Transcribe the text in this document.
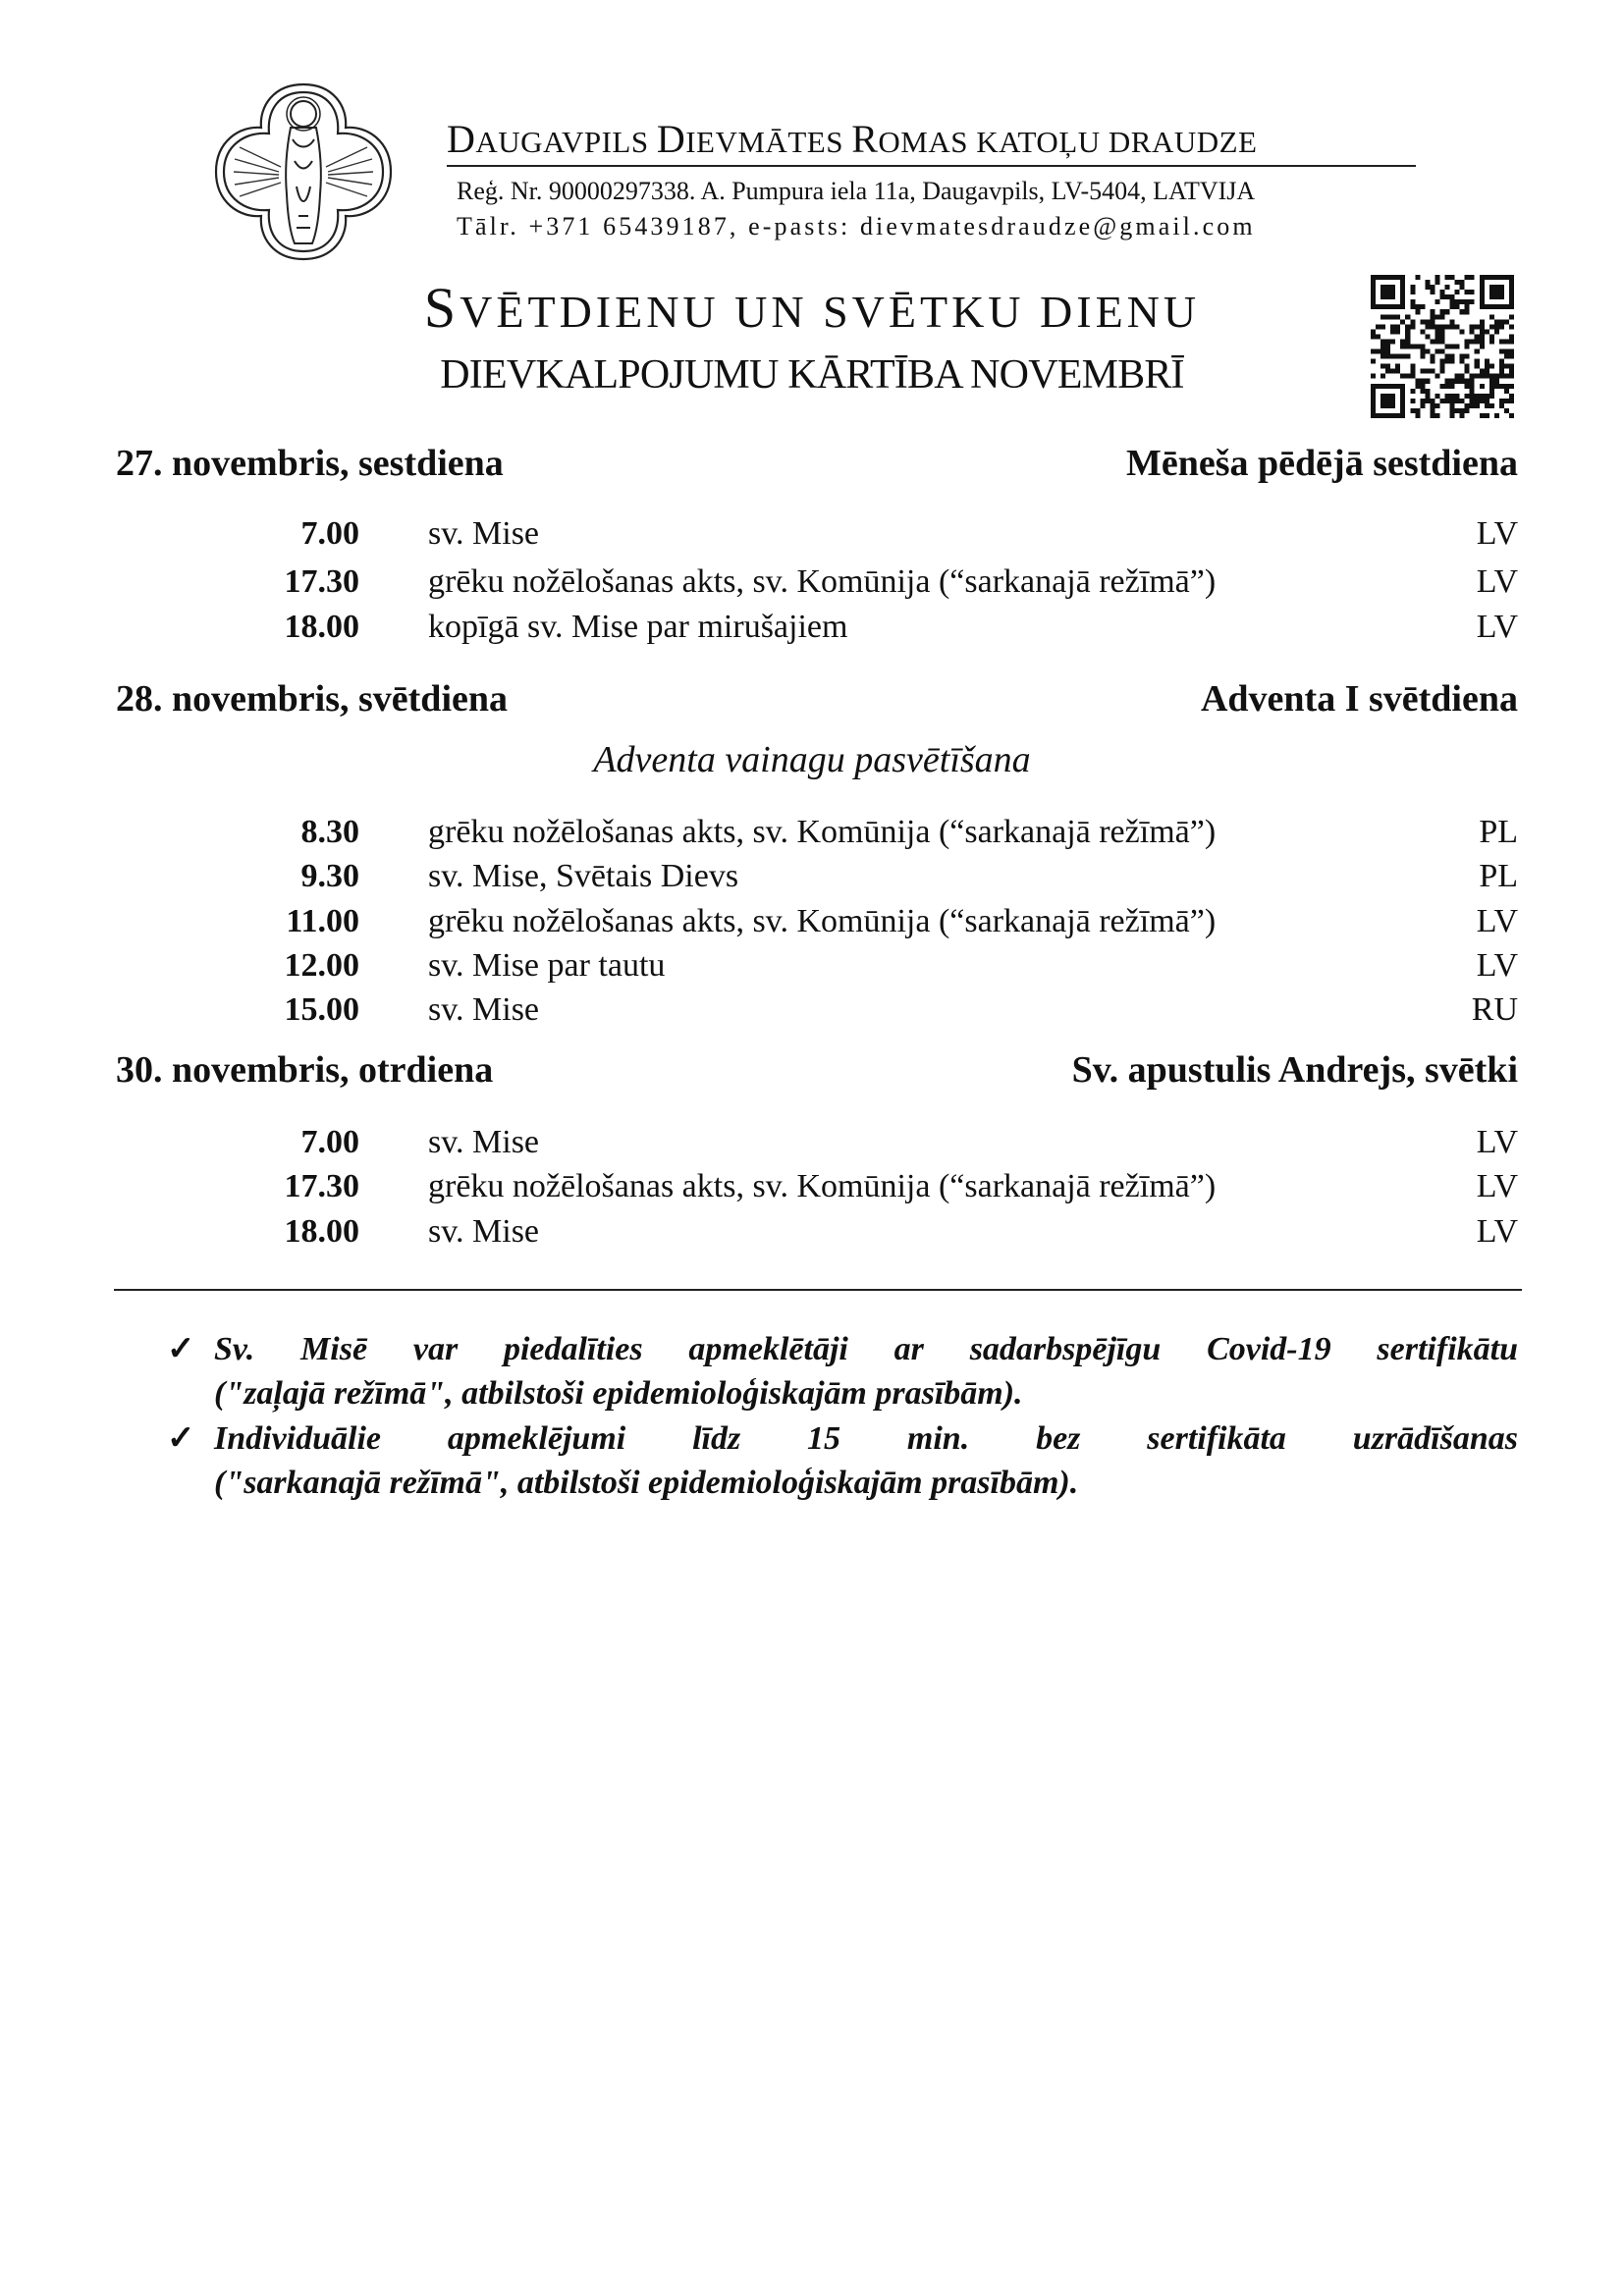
DAUGAVPILS DIEVMĀTES ROMAS KATOĻU DRAUDZE
Reģ. Nr. 90000297338. A. Pumpura iela 11a, Daugavpils, LV-5404, LATVIJA
Tālr. +371 65439187, e-pasts: dievmatesdraudze@gmail.com
SVĒTDIENU UN SVĒTKU DIENU
DIEVKALPOJUMU KĀRTĪBA NOVEMBRĪ
27. novembris, sestdiena	Mēneša pēdējā sestdiena
7.00 sv. Mise	LV
17.30 grēku nožēlošanas akts, sv. Komūnija (“sarkanajā režīmā”)	LV
18.00 kopīgā sv. Mise par mirušajiem	LV
28. novembris, svētdiena	Adventa I svētdiena
Adventa vainagu pasvētīšana
8.30 grēku nožēlošanas akts, sv. Komūnija (“sarkanajā režīmā”)	PL
9.30 sv. Mise, Svētais Dievs	PL
11.00 grēku nožēlošanas akts, sv. Komūnija (“sarkanajā režīmā”)	LV
12.00 sv. Mise par tautu	LV
15.00 sv. Mise	RU
30. novembris, otrdiena	Sv. apustulis Andrejs, svētki
7.00 sv. Mise	LV
17.30 grēku nožēlošanas akts, sv. Komūnija (“sarkanajā režīmā”)	LV
18.00 sv. Mise	LV
✓ Sv. Misē var piedalīties apmeklētāji ar sadarbspējīgu Covid-19 sertifikātu
("zaļajā režīmā", atbilstoši epidemioloģiskajām prasībām).
✓ Individuālie apmeklējumi līdz 15 min. bez sertifikāta uzrādīšanas
("sarkanajā režīmā", atbilstoši epidemioloģiskajām prasībām).
